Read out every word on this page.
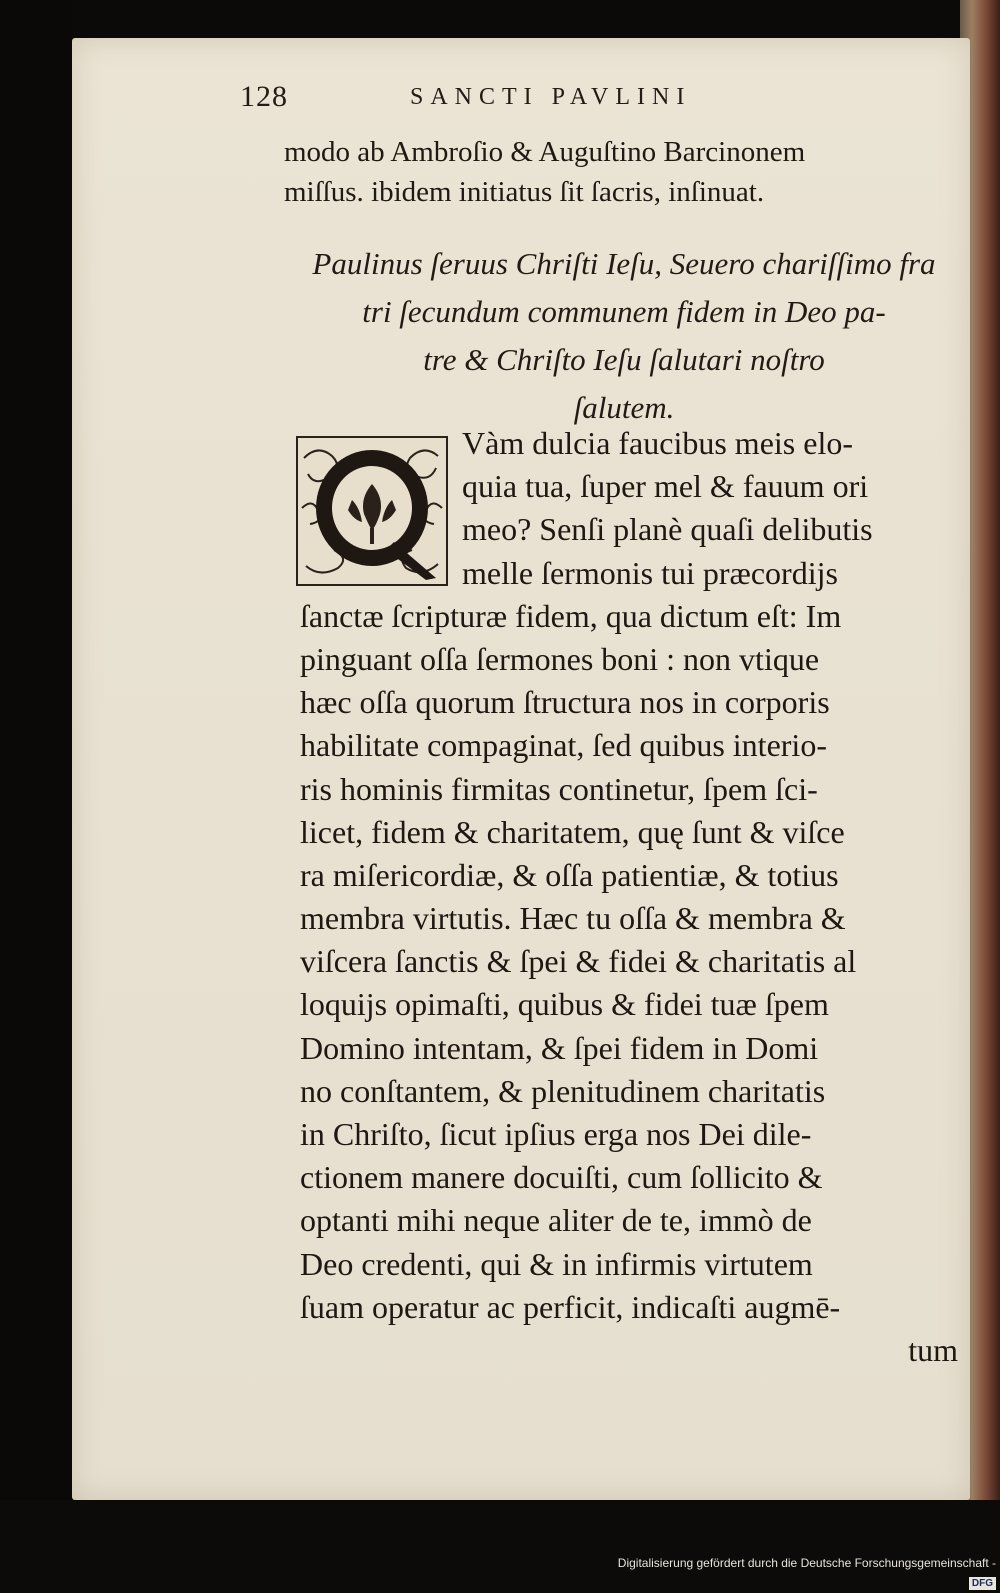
128	SANCTI PAVLINI
modo ab Ambroſio & Auguſtino Barcinonem
miſſus. ibidem initiatus ſit ſacris, inſinuat.
Paulinus ſeruus Chriſti Ieſu, Seuero chariſſimo fra
tri ſecundum communem fidem in Deo pa-
tre & Chriſto Ieſu ſalutari noſtro
ſalutem.
Vàm dulcia faucibus meis elo-
quia tua, ſuper mel & fauum ori
meo? Senſi planè quaſi delibutis
melle ſermonis tui præcordijs
ſanctæ ſcripturæ fidem, qua dictum eſt: Im
pinguant oſſa ſermones boni : non vtique
hæc oſſa quorum ſtructura nos in corporis
habilitate compaginat, ſed quibus interio-
ris hominis firmitas continetur, ſpem ſci-
licet, fidem & charitatem, quę ſunt & viſce
ra miſericordiæ, & oſſa patientiæ, & totius
membra virtutis. Hæc tu oſſa & membra &
viſcera ſanctis & ſpei & fidei & charitatis al
loquijs opimaſti, quibus & fidei tuæ ſpem
Domino intentam, & ſpei fidem in Domi
no conſtantem, & plenitudinem charitatis
in Chriſto, ſicut ipſius erga nos Dei dile-
ctionem manere docuiſti, cum ſollicito &
optanti mihi neque aliter de te, immò de
Deo credenti, qui & in infirmis virtutem
ſuam operatur ac perficit, indicaſti augmē-
tum
Digitalisierung gefördert durch die Deutsche Forschungsgemeinschaft - DFG
